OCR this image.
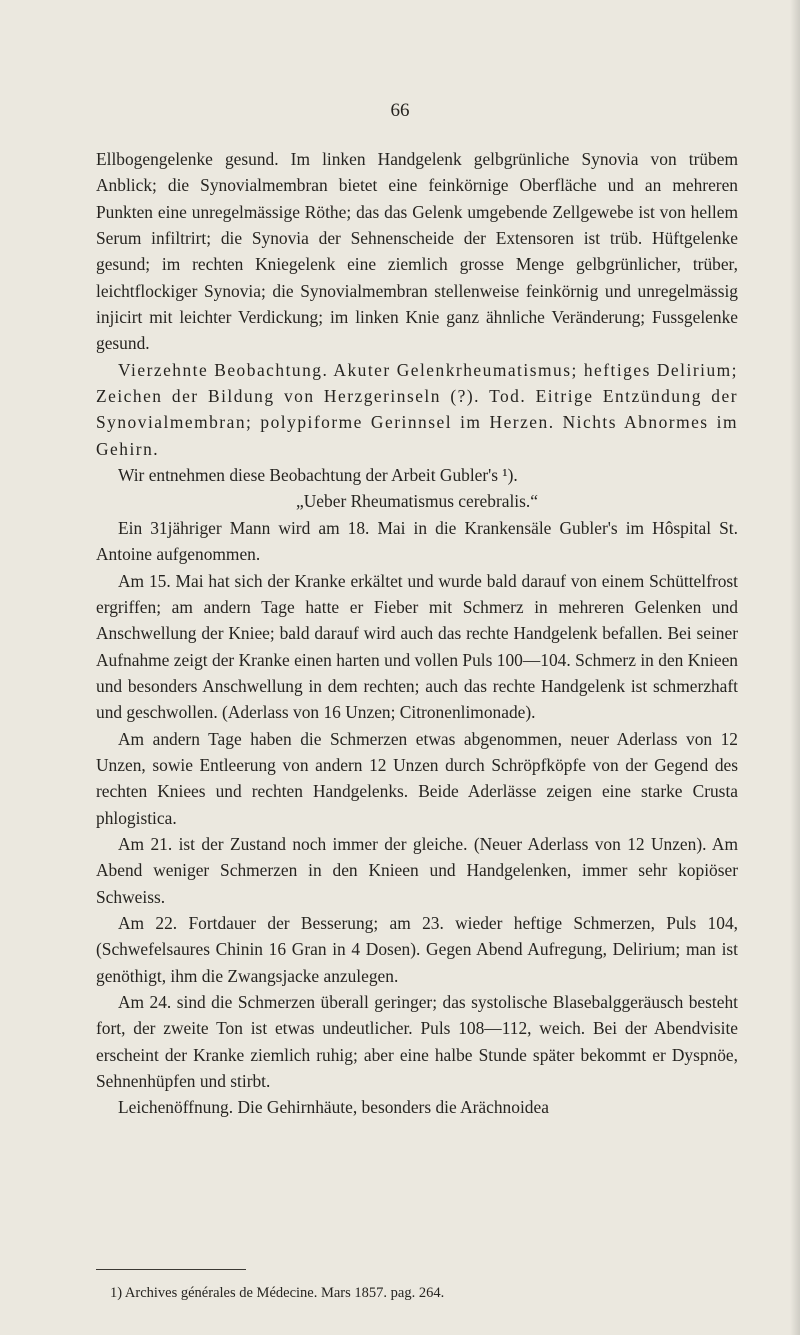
66

Ellbogengelenke gesund. Im linken Handgelenk gelbgrünliche Synovia von trübem Anblick; die Synovialmembran bietet eine feinkörnige Oberfläche und an mehreren Punkten eine unregelmässige Röthe; das das Gelenk umgebende Zellgewebe ist von hellem Serum infiltrirt; die Synovia der Sehnenscheide der Extensoren ist trüb. Hüftgelenke gesund; im rechten Kniegelenk eine ziemlich grosse Menge gelbgrünlicher, trüber, leichtflockiger Synovia; die Synovialmembran stellenweise feinkörnig und unregelmässig injicirt mit leichter Verdickung; im linken Knie ganz ähnliche Veränderung; Fussgelenke gesund.

Vierzehnte Beobachtung. Akuter Gelenkrheumatismus; heftiges Delirium; Zeichen der Bildung von Herzgerinseln (?). Tod. Eitrige Entzündung der Synovialmembran; polypiforme Gerinnsel im Herzen. Nichts Abnormes im Gehirn.

Wir entnehmen diese Beobachtung der Arbeit Gubler's ¹).

„Ueber Rheumatismus cerebralis.“

Ein 31jähriger Mann wird am 18. Mai in die Krankensäle Gubler's im Hôspital St. Antoine aufgenommen.

Am 15. Mai hat sich der Kranke erkältet und wurde bald darauf von einem Schüttelfrost ergriffen; am andern Tage hatte er Fieber mit Schmerz in mehreren Gelenken und Anschwellung der Kniee; bald darauf wird auch das rechte Handgelenk befallen. Bei seiner Aufnahme zeigt der Kranke einen harten und vollen Puls 100—104. Schmerz in den Knieen und besonders Anschwellung in dem rechten; auch das rechte Handgelenk ist schmerzhaft und geschwollen. (Aderlass von 16 Unzen; Citronenlimonade).

Am andern Tage haben die Schmerzen etwas abgenommen, neuer Aderlass von 12 Unzen, sowie Entleerung von andern 12 Unzen durch Schröpfköpfe von der Gegend des rechten Kniees und rechten Handgelenks. Beide Aderlässe zeigen eine starke Crusta phlogistica.

Am 21. ist der Zustand noch immer der gleiche. (Neuer Aderlass von 12 Unzen). Am Abend weniger Schmerzen in den Knieen und Handgelenken, immer sehr kopiöser Schweiss.

Am 22. Fortdauer der Besserung; am 23. wieder heftige Schmerzen, Puls 104, (Schwefelsaures Chinin 16 Gran in 4 Dosen). Gegen Abend Aufregung, Delirium; man ist genöthigt, ihm die Zwangsjacke anzulegen.

Am 24. sind die Schmerzen überall geringer; das systolische Blasebalggeräusch besteht fort, der zweite Ton ist etwas undeutlicher. Puls 108—112, weich. Bei der Abendvisite erscheint der Kranke ziemlich ruhig; aber eine halbe Stunde später bekommt er Dyspnöe, Sehnenhüpfen und stirbt.

Leichenöffnung. Die Gehirnhäute, besonders die Arächnoidea

1) Archives générales de Médecine. Mars 1857. pag. 264.
